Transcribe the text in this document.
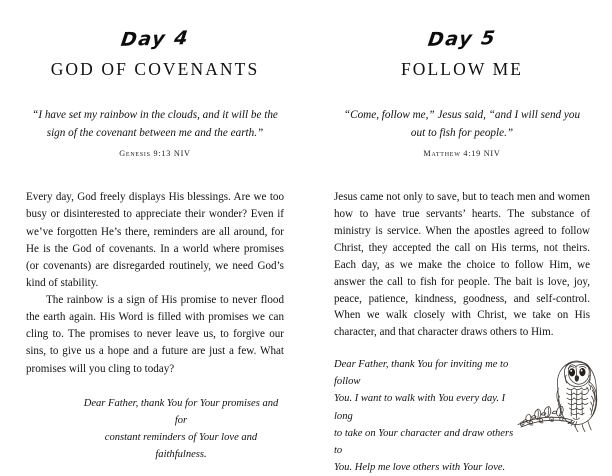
Day 4
GOD OF COVENANTS
“I have set my rainbow in the clouds, and it will be the sign of the covenant between me and the earth.”
Genesis 9:13 NIV

Every day, God freely displays His blessings. Are we too busy or disinterested to appreciate their wonder? Even if we’ve forgotten He’s there, reminders are all around, for He is the God of covenants. In a world where promises (or covenants) are disregarded routinely, we need God’s kind of stability.

The rainbow is a sign of His promise to never flood the earth again. His Word is filled with promises we can cling to. The promises to never leave us, to forgive our sins, to give us a hope and a future are just a few. What promises will you cling to today?

Dear Father, thank You for Your promises and for
constant reminders of Your love and faithfulness.
Day 5
FOLLOW ME
“Come, follow me,” Jesus said, “and I will send you out to fish for people.”
Matthew 4:19 NIV

Jesus came not only to save, but to teach men and women how to have true servants’ hearts. The substance of ministry is service. When the apostles agreed to follow Christ, they accepted the call on His terms, not theirs. Each day, as we make the choice to follow Him, we answer the call to fish for people. The bait is love, joy, peace, patience, kindness, goodness, and self-control. When we walk closely with Christ, we take on His character, and that character draws others to Him.

Dear Father, thank You for inviting me to follow
You. I want to walk with You every day. I long
to take on Your character and draw others to
You. Help me love others with Your love.
